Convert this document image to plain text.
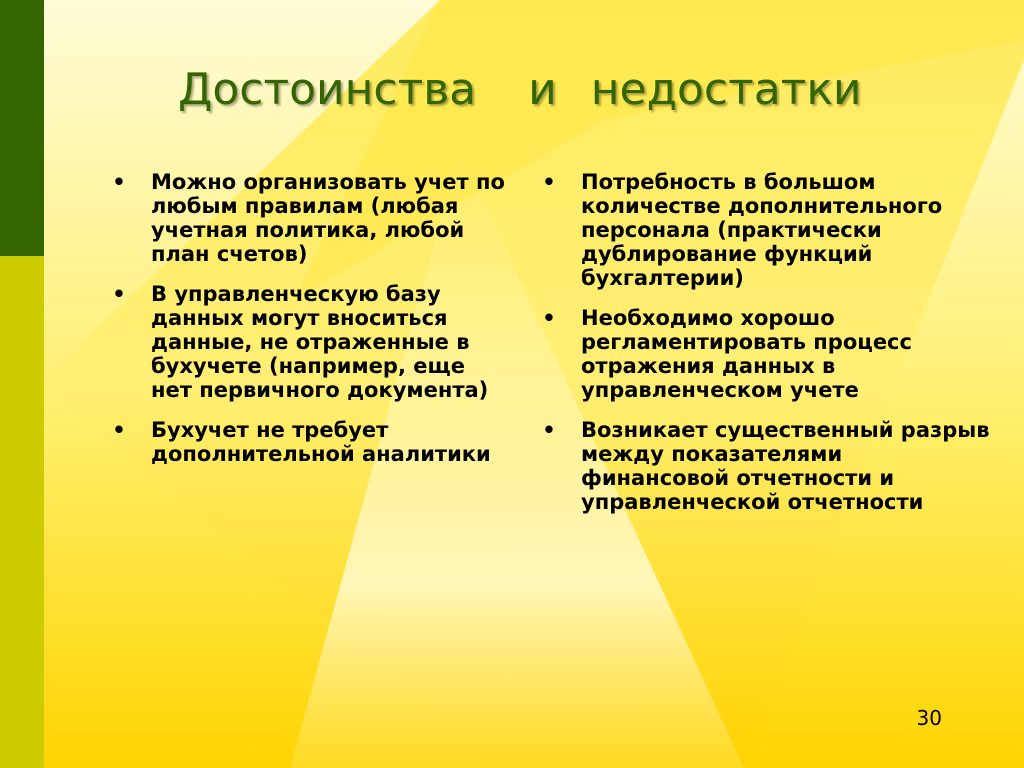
Достоинства и недостатки
• Можно организовать учет по любым правилам (любая учетная политика, любой план счетов)
• В управленческую базу данных могут вноситься данные, не отраженные в бухучете (например, еще нет первичного документа)
• Бухучет не требует дополнительной аналитики
• Потребность в большом количестве дополнительного персонала (практически дублирование функций бухгалтерии)
• Необходимо хорошо регламентировать процесс отражения данных в управленческом учете
• Возникает существенный разрыв между показателями финансовой отчетности и управленческой отчетности
30
